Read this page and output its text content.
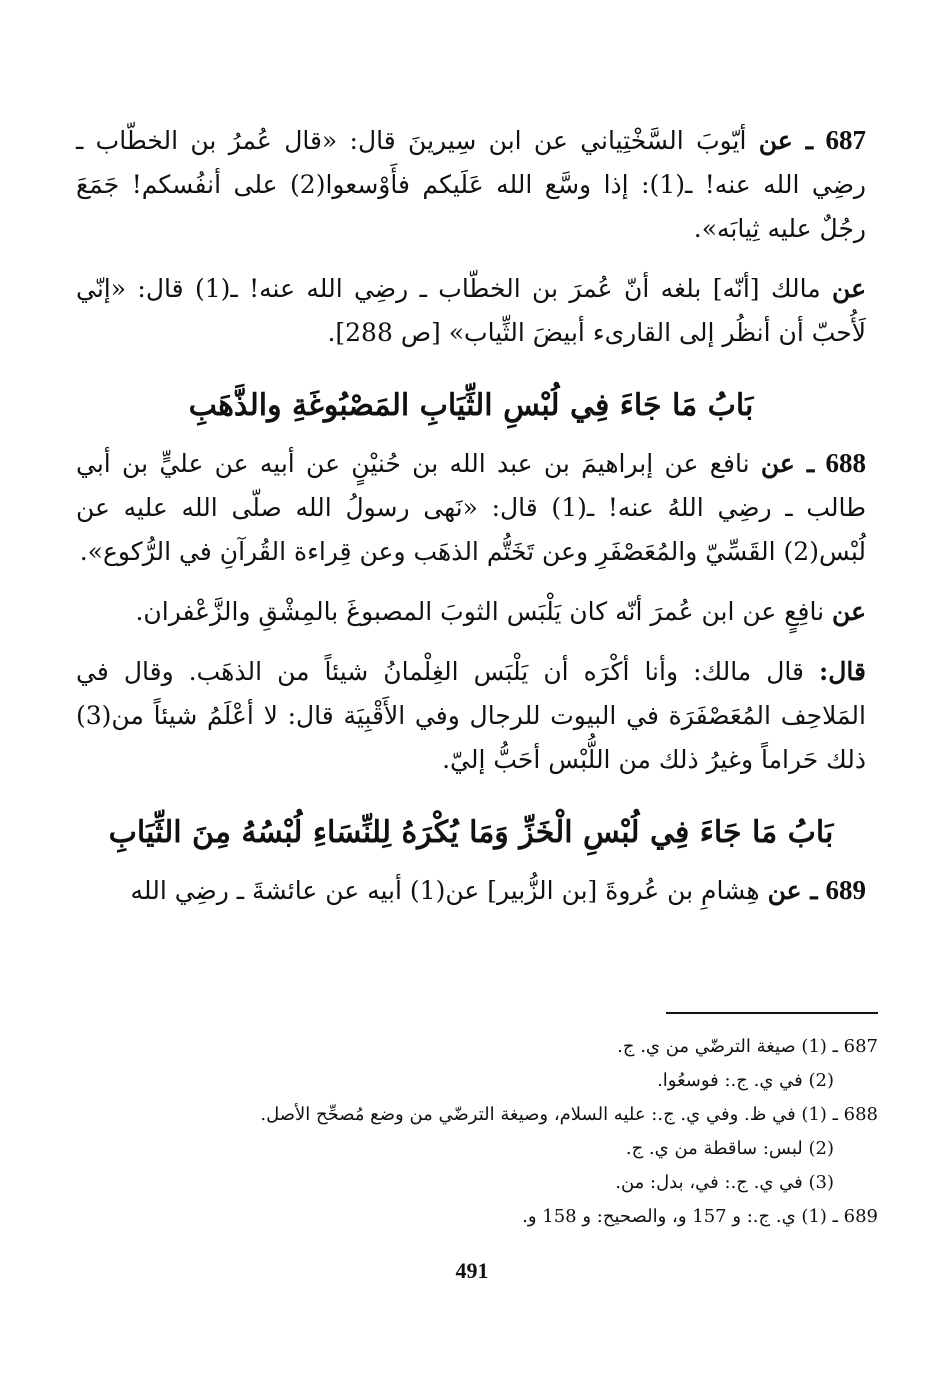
687 ـ عن أيّوبَ السَّخْتِياني عن ابن سِيرينَ قال: «قال عُمرُ بن الخطّاب ـ رضِي الله عنه! ـ(1): إذا وسَّع الله عَلَيكم فأَوْسعوا(2) على أنفُسكم! جَمَعَ رجُلٌ عليه ثِيابَه».

عن مالك [أنّه] بلغه أنّ عُمرَ بن الخطّاب ـ رضِي الله عنه! ـ(1) قال: «إنّي لَأُحبّ أن أنظُر إلى القارىء أبيضَ الثِّياب» [ص 288].

بَابُ مَا جَاءَ فِي لُبْسِ الثِّيَابِ المَصْبُوغَةِ والذَّهَبِ

688 ـ عن نافع عن إبراهيمَ بن عبد الله بن حُنيْنٍ عن أبيه عن عليٍّ بن أبي طالب ـ رضِي اللهُ عنه! ـ(1) قال: «نَهى رسولُ الله صلّى الله عليه عن لُبْس(2) القَسِّيّ والمُعَصْفَرِ وعن تَخَتُّم الذهَب وعن قِراءة القُرآنِ في الرُّكوع».

عن نافِعٍ عن ابن عُمرَ أنّه كان يَلْبَس الثوبَ المصبوغَ بالمِشْقِ والزَّعْفران.

قال: قال مالك: وأنا أكْرَه أن يَلْبَس الغِلْمانُ شيئاً من الذهَب. وقال في المَلاحِف المُعَصْفَرَة في البيوت للرجال وفي الأَقْبِيَة قال: لا أعْلَمُ شيئاً من(3) ذلك حَراماً وغيرُ ذلك من اللُّبْس أحَبُّ إليّ.

بَابُ مَا جَاءَ فِي لُبْسِ الْخَزِّ وَمَا يُكْرَهُ لِلنِّسَاءِ لُبْسُهُ مِنَ الثِّيَابِ

689 ـ عن هِشامِ بن عُروةَ [بن الزُّبير] عن(1) أبيه عن عائشةَ ـ رضِي الله

687 ـ (1) صيغة الترضّي من ي. ج.
(2) في ي. ج.: فوسعُوا.
688 ـ (1) في ظ. وفي ي. ج.: عليه السلام، وصيغة الترضّي من وضع مُصحِّح الأصل.
(2) لبس: ساقطة من ي. ج.
(3) في ي. ج.: في، بدل: من.
689 ـ (1) ي. ج.: و 157 و، والصحيح: و 158 و.
491
